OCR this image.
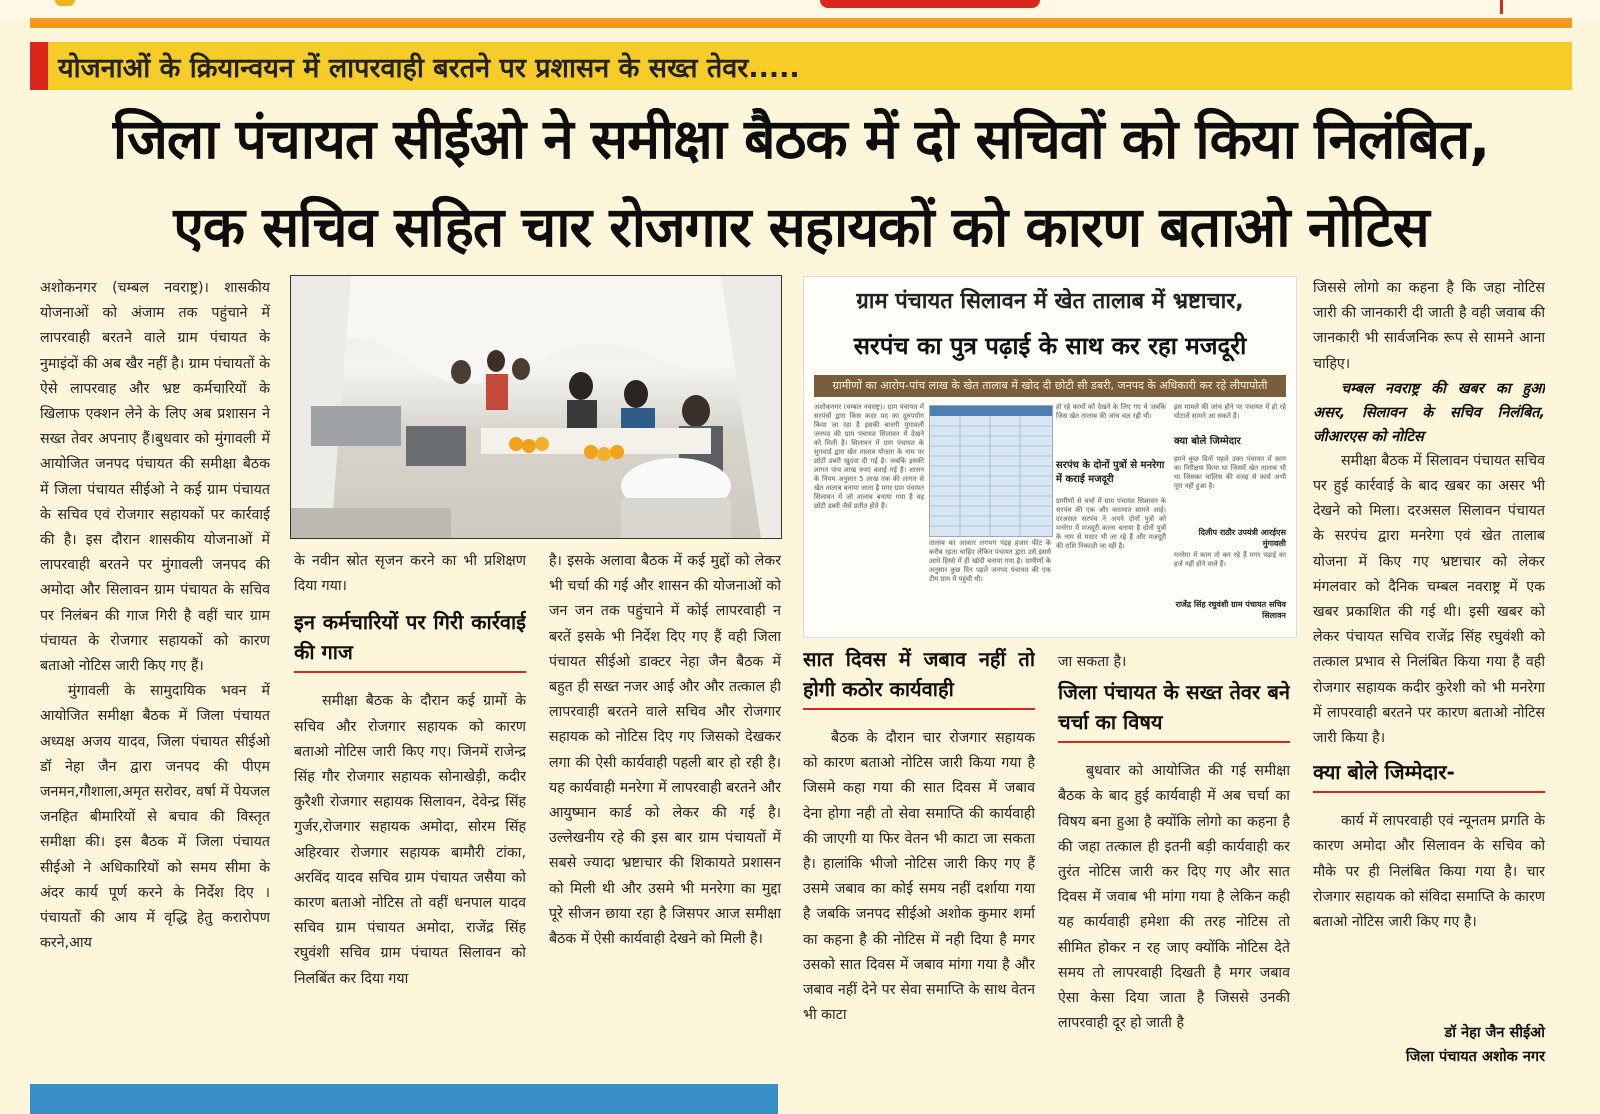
योजनाओं के क्रियान्वयन में लापरवाही बरतने पर प्रशासन के सख्त तेवर.....
जिला पंचायत सीईओ ने समीक्षा बैठक में दो सचिवों को किया निलंबित,
एक सचिव सहित चार रोजगार सहायकों को कारण बताओ नोटिस

अशोकनगर (चम्बल नवराष्ट्र)। शासकीय योजनाओं को अंजाम तक पहुंचाने में लापरवाही बरतने वाले ग्राम पंचायत के नुमाइंदों की अब खैर नहीं है। ग्राम पंचायतों के ऐसे लापरवाह और भ्रष्ट कर्मचारियों के खिलाफ एक्शन लेने के लिए अब प्रशासन ने सख्त तेवर अपनाए हैं।बुधवार को मुंगावली में आयोजित जनपद पंचायत की समीक्षा बैठक में जिला पंचायत सीईओ ने कई ग्राम पंचायत के सचिव एवं रोजगार सहायकों पर कार्रवाई की है। इस दौरान शासकीय योजनाओं में लापरवाही बरतने पर मुंगावली जनपद की अमोदा और सिलावन ग्राम पंचायत के सचिव पर निलंबन की गाज गिरी है वहीं चार ग्राम पंचायत के रोजगार सहायकों को कारण बताओ नोटिस जारी किए गए हैं।

मुंगावली के सामुदायिक भवन में आयोजित समीक्षा बैठक में जिला पंचायत अध्यक्ष अजय यादव, जिला पंचायत सीईओ डॉ नेहा जैन द्वारा जनपद की पीएम जनमन,गौशाला,अमृत सरोवर, वर्षा में पेयजल जनहित बीमारियों से बचाव की विस्तृत समीक्षा की। इस बैठक में जिला पंचायत सीईओ ने अधिकारियों को समय सीमा के अंदर कार्य पूर्ण करने के निर्देश दिए । पंचायतों की आय में वृद्धि हेतु करारोपण करने,आय

के नवीन स्रोत सृजन करने का भी प्रशिक्षण दिया गया।

इन कर्मचारियों पर गिरी कार्रवाई की गाज

समीक्षा बैठक के दौरान कई ग्रामों के सचिव और रोजगार सहायक को कारण बताओ नोटिस जारी किए गए। जिनमें राजेन्द्र सिंह गौर रोजगार सहायक सोनाखेड़ी, कदीर कुरैशी रोजगार सहायक सिलावन, देवेन्द्र सिंह गुर्जर,रोजगार सहायक अमोदा, सोरम सिंह अहिरवार रोजगार सहायक बामौरी टांका, अरविंद यादव सचिव ग्राम पंचायत जसैया को कारण बताओ नोटिस तो वहीं धनपाल यादव सचिव ग्राम पंचायत अमोदा, राजेंद्र सिंह रघुवंशी सचिव ग्राम पंचायत सिलावन को निलबिंत कर दिया गया

है। इसके अलावा बैठक में कई मुद्दों को लेकर भी चर्चा की गई और शासन की योजनाओं को जन जन तक पहुंचाने में कोई लापरवाही न बरतें इसके भी निर्देश दिए गए हैं वही जिला पंचायत सीईओ डाक्टर नेहा जैन बैठक में बहुत ही सख्त नजर आई और और तत्काल ही लापरवाही बरतने वाले सचिव और रोजगार सहायक को नोटिस दिए गए जिसको देखकर लगा की ऐसी कार्यवाही पहली बार हो रही है। यह कार्यवाही मनरेगा में लापरवाही बरतने और आयुष्मान कार्ड को लेकर की गई है। उल्लेखनीय रहे की इस बार ग्राम पंचायतों में सबसे ज्यादा भ्रष्टाचार की शिकायते प्रशासन को मिली थी और उसमे भी मनरेगा का मुद्दा पूरे सीजन छाया रहा है जिसपर आज समीक्षा बैठक में ऐसी कार्यवाही देखने को मिली है।

ग्राम पंचायत सिलावन में खेत तालाब में भ्रष्टाचार,
सरपंच का पुत्र पढ़ाई के साथ कर रहा मजदूरी
ग्रामीणों का आरोप-पांच लाख के खेत तालाब में खोद दी छोटी सी डबरी, जनपद के अधिकारी कर रहे लीपापोती
अशोकनगर (चम्बल नवराष्ट्र)। ग्राम पंचायत में सरपंचों द्वारा किस कदर पद का दुरुपयोग किया जा रहा है इसकी बानगी मुंगावली जनपद की ग्राम पंचायत सिलावन में देखने को मिली है। सिलावन में ग्राम पंचायत के सुगवार्ड द्वारा खेत तालाब योजना के नाम पर छोटी डबरी खुदवा दी गई है। जबकि इसकी लागत पांच लाख रुपए बताई गई है। शासन के नियम अनुसार 5 लाख तक की लागत से खेत तालाब बनाया जाता है मगर ग्राम पंचायत सिलावन में जो तालाब बनाया गया है वह छोटी डबरी जैसे प्रतीत होते हैं।
तालाब का आकार लगभग पंद्रह हजार फीट के करीब रहता चाहिए लेकिन पंचायत द्वारा उसे इससे आधे हिस्से में ही खोदी बनाया गया है। ग्रामीणों के अनुसार कुछ दिन पहले जनपद पंचायत की एक टीम ग्राम में पहुंची थी।
हो रहे कामों को देखने के लिए गए थे जबकि जिस खेत तालाब की जांच चल रही थी।
सरपंच के दोनों पुत्रों से मनरेगा में कराई मजदूरी
ग्रामीणों से चर्चा में ग्राम पंचायत सिलावन के सरपंच की एक और करामात सामने आई। दरअसल सरपंच ने अपने दोनों पुत्रों को मनरेगा में मजदूरी करना बताया है दोनों पुत्रों के नाम से मस्टर भी जा रहे हैं और मजदूरी की राशि निकाली जा रही है।
इस मामले की जांच होने पर पंचायत में हो रहे घोटाले सामने आ सकते हैं।
क्या बोले जिम्मेदार
हमने कुछ दिनों पहले उक्त पंचायत में काम का निरीक्षण किया था जिसमें खेत तालाब भी था जिसका चालिस की वजह से कार्य अभी पूरा नहीं हुआ है।
दिलीप राठौर उपयंत्री आरईएस मुंगावली
मनरेगा में काम तो कर रहे हैं मगर पढ़ाई का हर्ज नहीं होने वाले हैं।
राजेंद्र सिंह रघुवंशी ग्राम पंचायत सचिव सिलावन
सात दिवस में जबाव नहीं तो होगी कठोर कार्यवाही

बैठक के दौरान चार रोजगार सहायक को कारण बताओ नोटिस जारी किया गया है जिसमे कहा गया की सात दिवस में जबाव देना होगा नही तो सेवा समाप्ति की कार्यवाही की जाएगी या फिर वेतन भी काटा जा सकता है। हालांकि भीजो नोटिस जारी किए गए हैं उसमे जबाव का कोई समय नहीं दर्शाया गया है जबकि जनपद सीईओ अशोक कुमार शर्मा का कहना है की नोटिस में नही दिया है मगर उसको सात दिवस में जबाव मांगा गया है और जबाव नहीं देने पर सेवा समाप्ति के साथ वेतन भी काटा

जा सकता है।

जिला पंचायत के सख्त तेवर बने चर्चा का विषय

बुधवार को आयोजित की गई समीक्षा बैठक के बाद हुई कार्यवाही में अब चर्चा का विषय बना हुआ है क्योंकि लोगो का कहना है की जहा तत्काल ही इतनी बड़ी कार्यवाही कर तुरंत नोटिस जारी कर दिए गए और सात दिवस में जवाब भी मांगा गया है लेकिन कही यह कार्यवाही हमेशा की तरह नोटिस तो सीमित होकर न रह जाए क्योंकि नोटिस देते समय तो लापरवाही दिखती है मगर जबाव ऐसा केसा दिया जाता है जिससे उनकी लापरवाही दूर हो जाती है

जिससे लोगो का कहना है कि जहा नोटिस जारी की जानकारी दी जाती है वही जवाब की जानकारी भी सार्वजनिक रूप से सामने आना चाहिए।

चम्बल नवराष्ट्र की खबर का हुआ असर, सिलावन के सचिव निलंबित, जीआरएस को नोटिस

समीक्षा बैठक में सिलावन पंचायत सचिव पर हुई कार्रवाई के बाद खबर का असर भी देखने को मिला। दरअसल सिलावन पंचायत के सरपंच द्वारा मनरेगा एवं खेत तालाब योजना में किए गए भ्रष्टाचार को लेकर मंगलवार को दैनिक चम्बल नवराष्ट्र में एक खबर प्रकाशित की गई थी। इसी खबर को लेकर पंचायत सचिव राजेंद्र सिंह रघुवंशी को तत्काल प्रभाव से निलंबित किया गया है वही रोजगार सहायक कदीर कुरेशी को भी मनरेगा में लापरवाही बरतने पर कारण बताओ नोटिस जारी किया है।

क्या बोले जिम्मेदार-

कार्य में लापरवाही एवं न्यूनतम प्रगति के कारण अमोदा और सिलावन के सचिव को मौके पर ही निलंबित किया गया है। चार रोजगार सहायक को संविदा समाप्ति के कारण बताओ नोटिस जारी किए गए है।

डॉ नेहा जैन सीईओ
जिला पंचायत अशोक नगर
